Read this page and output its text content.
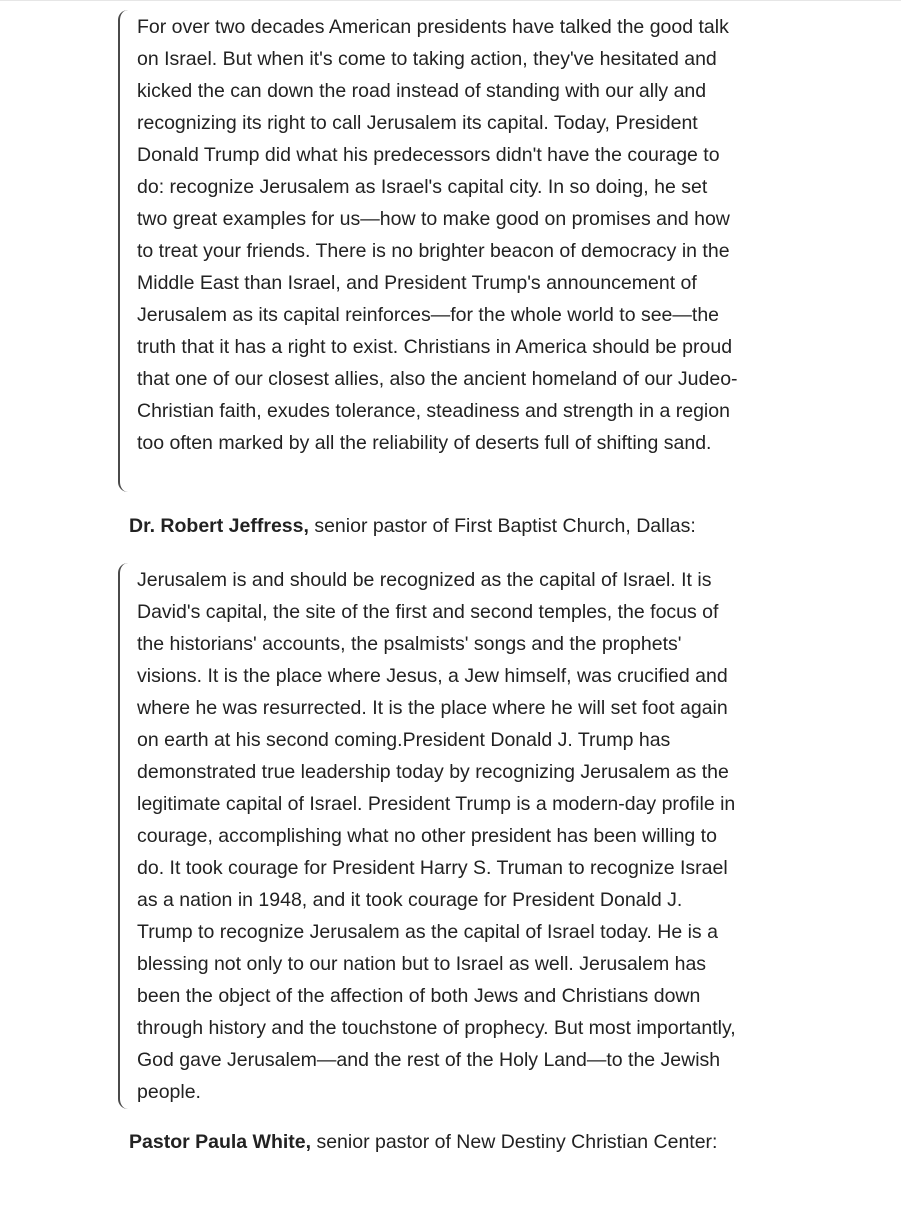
For over two decades American presidents have talked the good talk on Israel. But when it's come to taking action, they've hesitated and kicked the can down the road instead of standing with our ally and recognizing its right to call Jerusalem its capital. Today, President Donald Trump did what his predecessors didn't have the courage to do: recognize Jerusalem as Israel's capital city. In so doing, he set two great examples for us—how to make good on promises and how to treat your friends. There is no brighter beacon of democracy in the Middle East than Israel, and President Trump's announcement of Jerusalem as its capital reinforces—for the whole world to see—the truth that it has a right to exist. Christians in America should be proud that one of our closest allies, also the ancient homeland of our Judeo-Christian faith, exudes tolerance, steadiness and strength in a region too often marked by all the reliability of deserts full of shifting sand.

Dr. Robert Jeffress, senior pastor of First Baptist Church, Dallas:

Jerusalem is and should be recognized as the capital of Israel. It is David's capital, the site of the first and second temples, the focus of the historians' accounts, the psalmists' songs and the prophets' visions. It is the place where Jesus, a Jew himself, was crucified and where he was resurrected. It is the place where he will set foot again on earth at his second coming.President Donald J. Trump has demonstrated true leadership today by recognizing Jerusalem as the legitimate capital of Israel. President Trump is a modern-day profile in courage, accomplishing what no other president has been willing to do. It took courage for President Harry S. Truman to recognize Israel as a nation in 1948, and it took courage for President Donald J. Trump to recognize Jerusalem as the capital of Israel today. He is a blessing not only to our nation but to Israel as well. Jerusalem has been the object of the affection of both Jews and Christians down through history and the touchstone of prophecy. But most importantly, God gave Jerusalem—and the rest of the Holy Land—to the Jewish people.

Pastor Paula White, senior pastor of New Destiny Christian Center:
